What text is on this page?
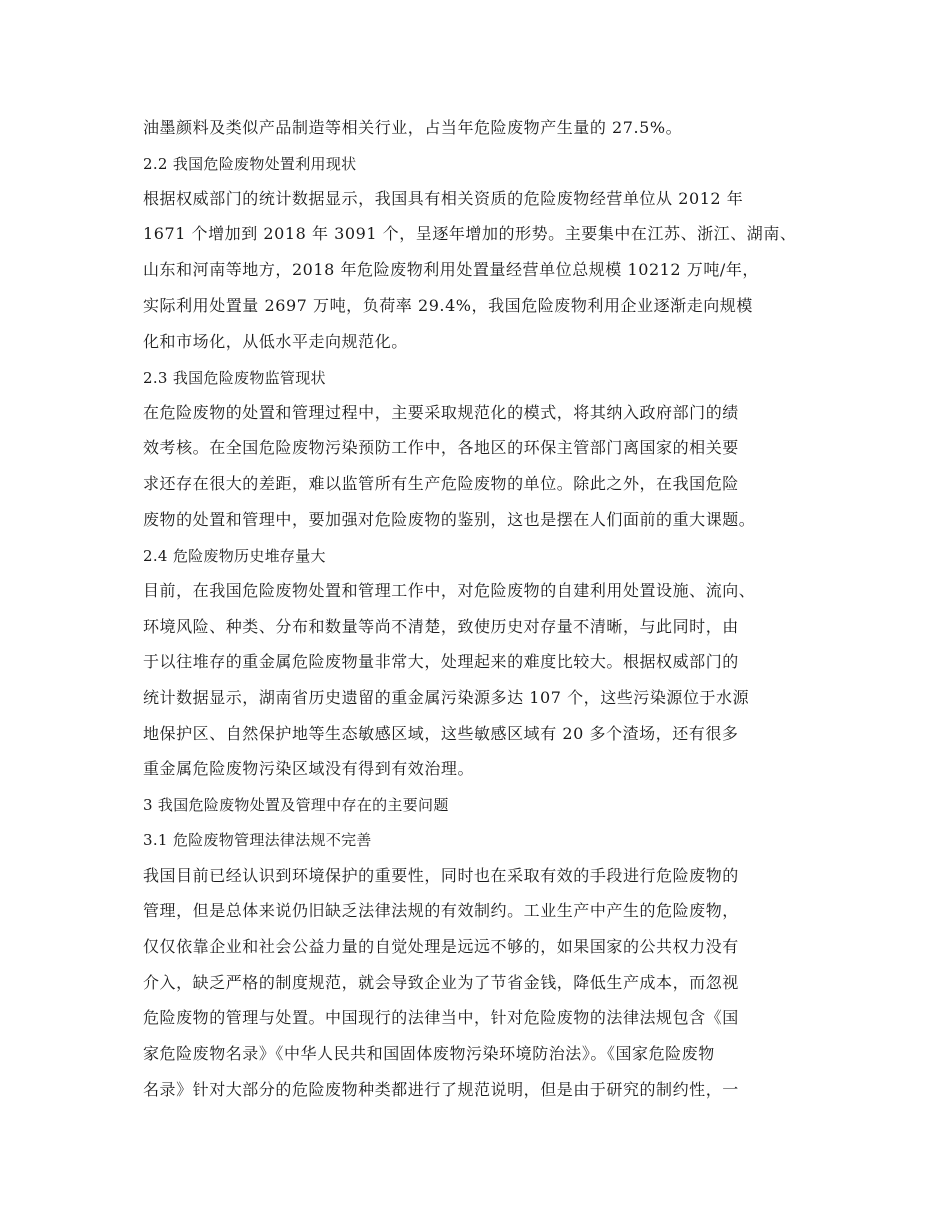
油墨颜料及类似产品制造等相关行业，占当年危险废物产生量的 27.5%。
2.2 我国危险废物处置利用现状
根据权威部门的统计数据显示，我国具有相关资质的危险废物经营单位从 2012 年
1671 个增加到 2018 年 3091 个，呈逐年增加的形势。主要集中在江苏、浙江、湖南、
山东和河南等地方，2018 年危险废物利用处置量经营单位总规模 10212 万吨/年，
实际利用处置量 2697 万吨，负荷率 29.4%，我国危险废物利用企业逐渐走向规模
化和市场化，从低水平走向规范化。
2.3 我国危险废物监管现状
在危险废物的处置和管理过程中，主要采取规范化的模式，将其纳入政府部门的绩
效考核。在全国危险废物污染预防工作中，各地区的环保主管部门离国家的相关要
求还存在很大的差距，难以监管所有生产危险废物的单位。除此之外，在我国危险
废物的处置和管理中，要加强对危险废物的鉴别，这也是摆在人们面前的重大课题。
2.4 危险废物历史堆存量大
目前，在我国危险废物处置和管理工作中，对危险废物的自建利用处置设施、流向、
环境风险、种类、分布和数量等尚不清楚，致使历史对存量不清晰，与此同时，由
于以往堆存的重金属危险废物量非常大，处理起来的难度比较大。根据权威部门的
统计数据显示，湖南省历史遗留的重金属污染源多达 107 个，这些污染源位于水源
地保护区、自然保护地等生态敏感区域，这些敏感区域有 20 多个渣场，还有很多
重金属危险废物污染区域没有得到有效治理。
3 我国危险废物处置及管理中存在的主要问题
3.1 危险废物管理法律法规不完善
我国目前已经认识到环境保护的重要性，同时也在采取有效的手段进行危险废物的
管理，但是总体来说仍旧缺乏法律法规的有效制约。工业生产中产生的危险废物，
仅仅依靠企业和社会公益力量的自觉处理是远远不够的，如果国家的公共权力没有
介入，缺乏严格的制度规范，就会导致企业为了节省金钱，降低生产成本，而忽视
危险废物的管理与处置。中国现行的法律当中，针对危险废物的法律法规包含《国
家危险废物名录》《中华人民共和国固体废物污染环境防治法》。《国家危险废物
名录》针对大部分的危险废物种类都进行了规范说明，但是由于研究的制约性，一
